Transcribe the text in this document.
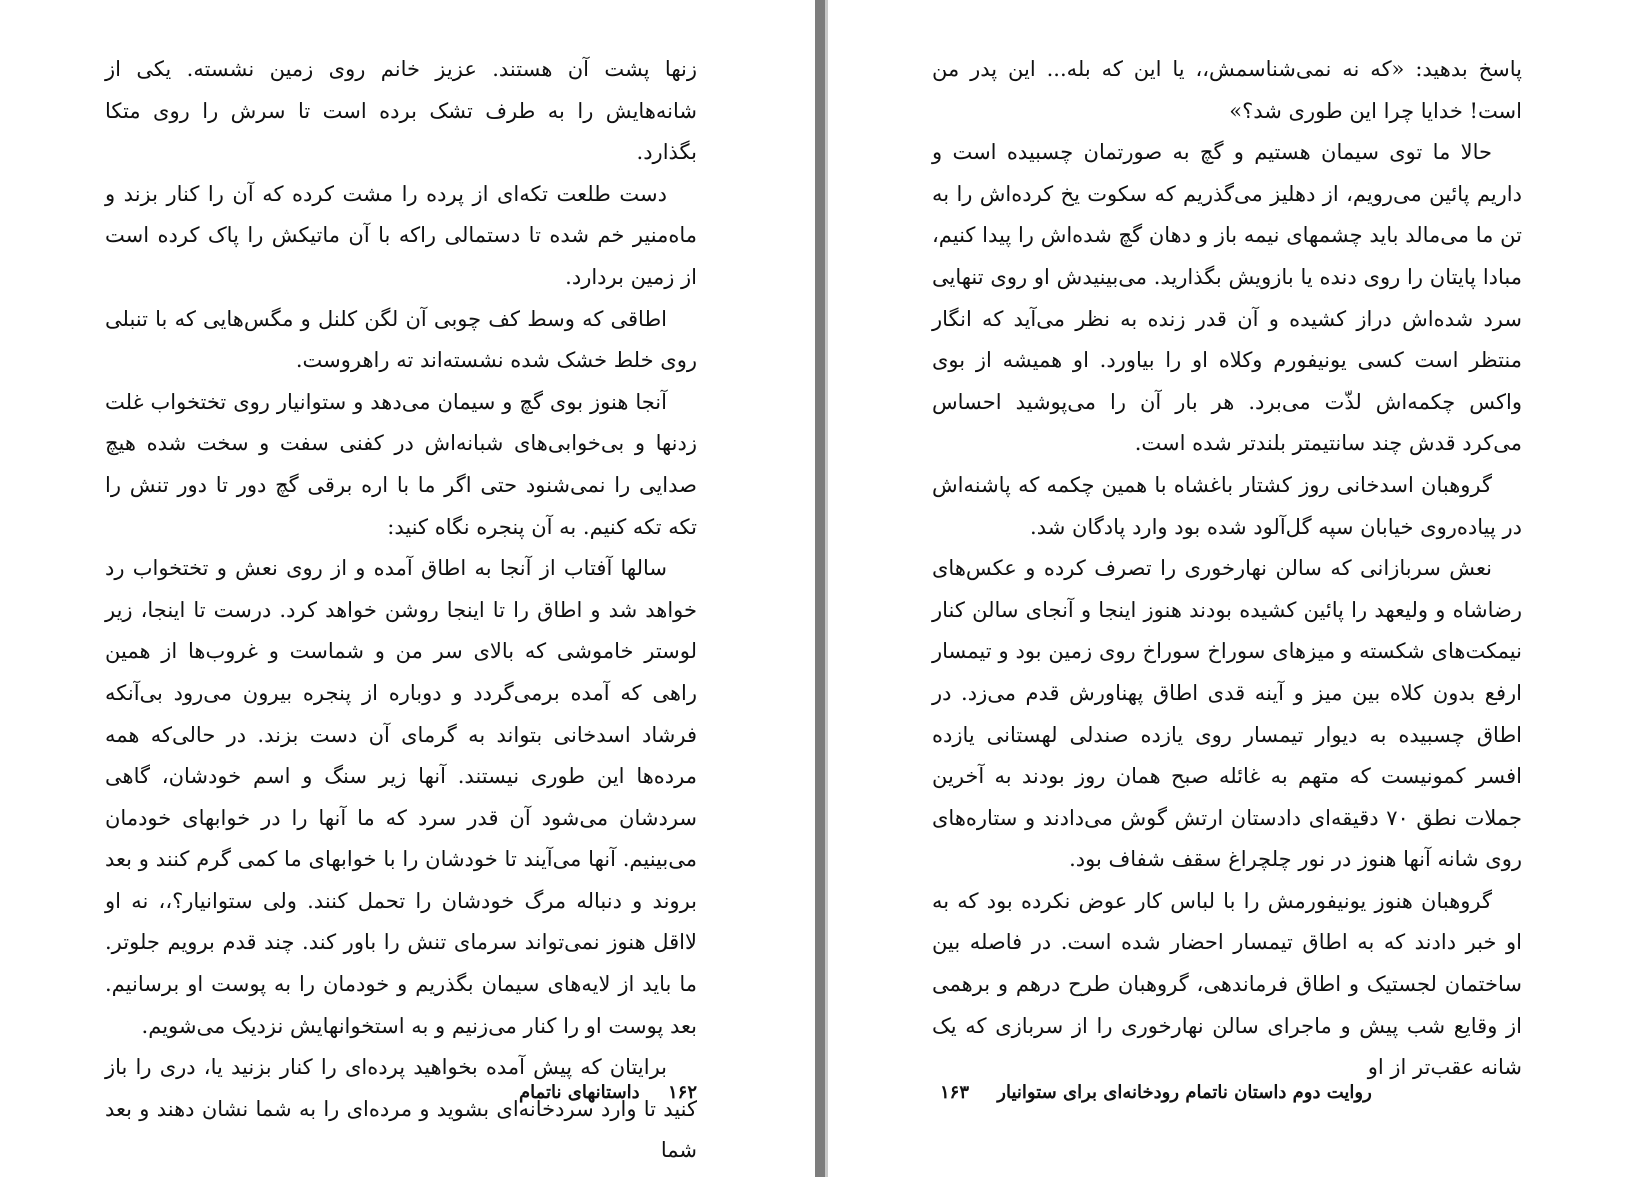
زنها پشت آن هستند. عزیز خانم روی زمین نشسته. یکی از شانه‌هایش را به طرف تشک برده است تا سرش را روی متکا بگذارد.

دست طلعت تکه‌ای از پرده را مشت کرده که آن را کنار بزند و ماه‌منیر خم شده تا دستمالی راکه با آن ماتیکش را پاک کرده است از زمین بردارد.

اطاقی که وسط کف چوبی آن لگن کلنل و مگس‌هایی که با تنبلی روی خلط خشک شده نشسته‌اند ته راهروست.

آنجا هنوز بوی گچ و سیمان می‌دهد و ستوانیار روی تختخواب غلت زدنها و بی‌خوابی‌های شبانه‌اش در کفنی سفت و سخت شده هیچ صدایی را نمی‌شنود حتی اگر ما با اره برقی گچ دور تا دور تنش را تکه تکه کنیم. به آن پنجره نگاه کنید:

سالها آفتاب از آنجا به اطاق آمده و از روی نعش و تختخواب رد خواهد شد و اطاق را تا اینجا روشن خواهد کرد. درست تا اینجا، زیر لوستر خاموشی که بالای سر من و شماست و غروب‌ها از همین راهی که آمده برمی‌گردد و دوباره از پنجره بیرون می‌رود بی‌آنکه فرشاد اسدخانی بتواند به گرمای آن دست بزند. در حالی‌که همه مرده‌ها این طوری نیستند. آنها زیر سنگ و اسم خودشان، گاهی سردشان می‌شود آن قدر سرد که ما آنها را در خوابهای خودمان می‌بینیم. آنها می‌آیند تا خودشان را با خوابهای ما کمی گرم کنند و بعد بروند و دنباله مرگ خودشان را تحمل کنند. ولی ستوانیار؟،، نه او لااقل هنوز نمی‌تواند سرمای تنش را باور کند. چند قدم برویم جلوتر. ما باید از لایه‌های سیمان بگذریم و خودمان را به پوست او برسانیم. بعد پوست او را کنار می‌زنیم و به استخوانهایش نزدیک می‌شویم.

برایتان که پیش آمده بخواهید پرده‌ای را کنار بزنید یا، دری را باز کنید تا وارد سردخانه‌ای بشوید و مرده‌ای را به شما نشان دهند و بعد شما

۱۶۲ داستانهای ناتمام

پاسخ بدهید: «که نه نمی‌شناسمش،، یا این که بله... این پدر من است! خدایا چرا این طوری شد؟»

حالا ما توی سیمان هستیم و گچ به صورتمان چسبیده است و داریم پائین می‌رویم، از دهلیز می‌گذریم که سکوت یخ کرده‌اش را به تن ما می‌مالد باید چشمهای نیمه باز و دهان گچ شده‌اش را پیدا کنیم، مبادا پایتان را روی دنده یا بازویش بگذارید. می‌بینیدش او روی تنهایی سرد شده‌اش دراز کشیده و آن قدر زنده به نظر می‌آید که انگار منتظر است کسی یونیفورم وکلاه او را بیاورد. او همیشه از بوی واکس چکمه‌اش لذّت می‌برد. هر بار آن را می‌پوشید احساس می‌کرد قدش چند سانتیمتر بلندتر شده است.

گروهبان اسدخانی روز کشتار باغشاه با همین چکمه که پاشنه‌اش در پیاده‌روی خیابان سپه گل‌آلود شده بود وارد پادگان شد.

نعش سربازانی که سالن نهارخوری را تصرف کرده و عکس‌های رضاشاه و ولیعهد را پائین کشیده بودند هنوز اینجا و آنجای سالن کنار نیمکت‌های شکسته و میزهای سوراخ سوراخ روی زمین بود و تیمسار ارفع بدون کلاه بین میز و آینه قدی اطاق پهناورش قدم می‌زد. در اطاق چسبیده به دیوار تیمسار روی یازده صندلی لهستانی یازده افسر کمونیست که متهم به غائله صبح همان روز بودند به آخرین جملات نطق ۷۰ دقیقه‌ای دادستان ارتش گوش می‌دادند و ستاره‌های روی شانه آنها هنوز در نور چلچراغ سقف شفاف بود.

گروهبان هنوز یونیفورمش را با لباس کار عوض نکرده بود که به او خبر دادند که به اطاق تیمسار احضار شده است. در فاصله بین ساختمان لجستیک و اطاق فرماندهی، گروهبان طرح درهم و برهمی از وقایع شب پیش و ماجرای سالن نهارخوری را از سربازی که یک شانه عقب‌تر از او

روایت دوم داستان ناتمام رودخانه‌ای برای ستوانیار ۱۶۳
